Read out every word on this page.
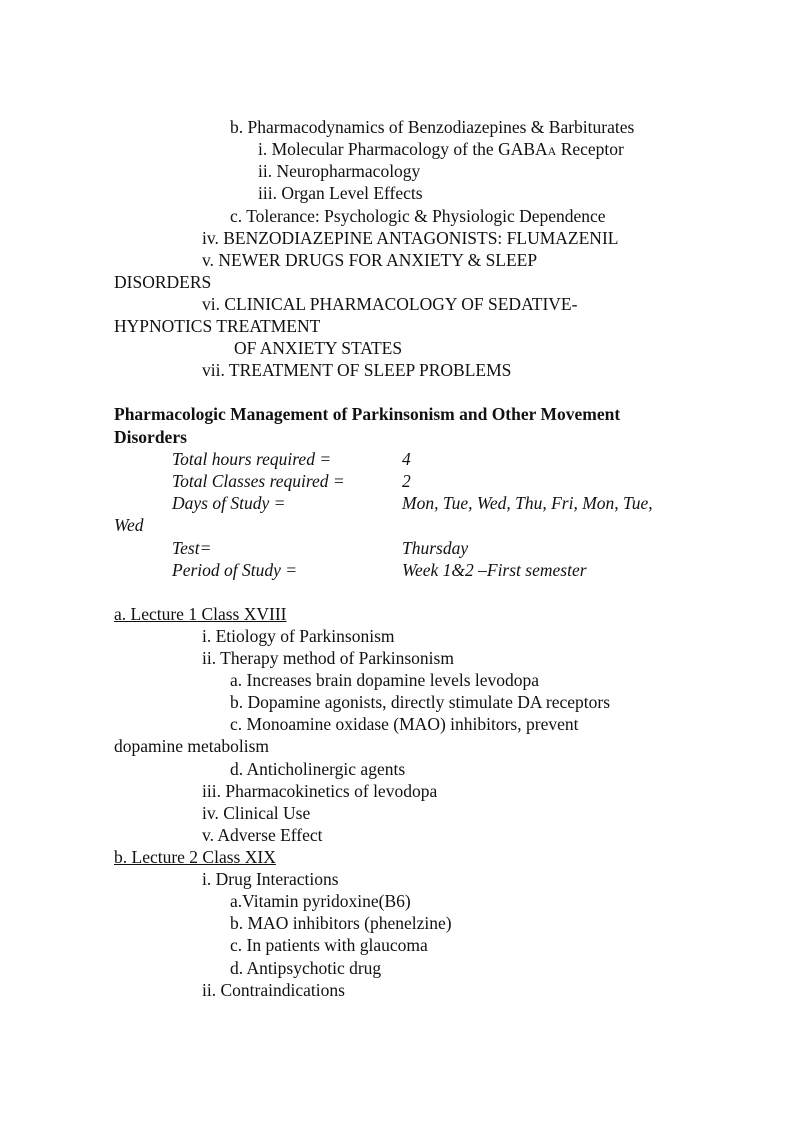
b. Pharmacodynamics of Benzodiazepines & Barbiturates
i. Molecular Pharmacology of the GABAA Receptor
ii. Neuropharmacology
iii. Organ Level Effects
c. Tolerance: Psychologic & Physiologic Dependence
iv. BENZODIAZEPINE ANTAGONISTS: FLUMAZENIL
v. NEWER DRUGS FOR ANXIETY & SLEEP
DISORDERS
vi. CLINICAL PHARMACOLOGY OF SEDATIVE-
HYPNOTICS TREATMENT
OF ANXIETY STATES
vii. TREATMENT OF SLEEP PROBLEMS
Pharmacologic Management of Parkinsonism and Other Movement
Disorders
Total hours required =	4
Total Classes required =	2
Days of Study =	Mon, Tue, Wed, Thu, Fri, Mon, Tue,
Wed
Test=	Thursday
Period of Study =	Week 1&2 –First semester
a. Lecture 1 Class XVIII
i. Etiology of Parkinsonism
ii. Therapy method of Parkinsonism
a. Increases brain dopamine levels levodopa
b. Dopamine agonists, directly stimulate DA receptors
c. Monoamine oxidase (MAO) inhibitors, prevent
dopamine metabolism
d. Anticholinergic agents
iii. Pharmacokinetics of levodopa
iv. Clinical Use
v. Adverse Effect
b. Lecture 2 Class XIX
i. Drug Interactions
a.Vitamin pyridoxine(B6)
b. MAO inhibitors (phenelzine)
c. In patients with glaucoma
d. Antipsychotic drug
ii. Contraindications
